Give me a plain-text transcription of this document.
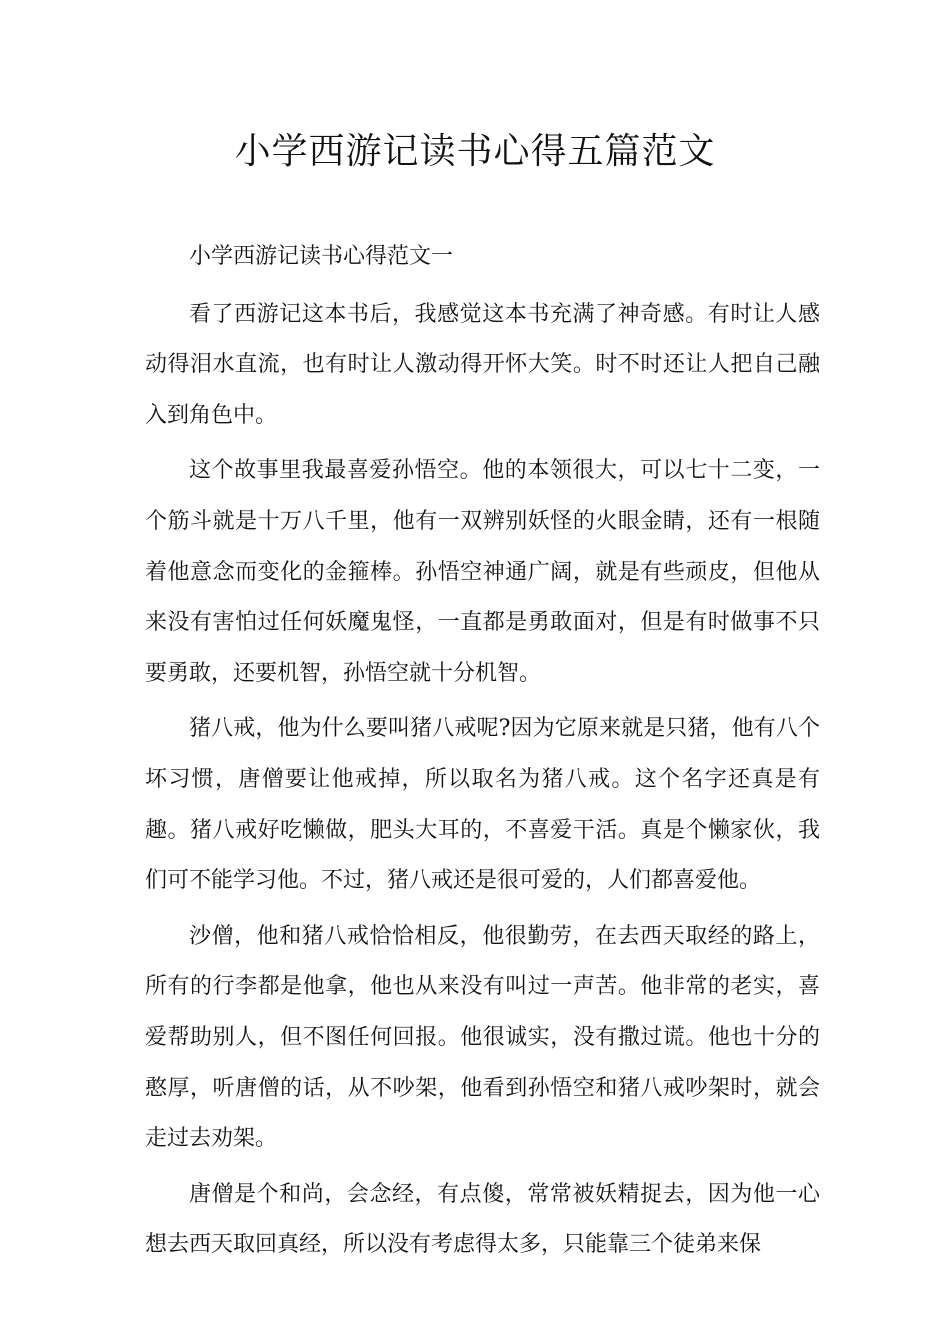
小学西游记读书心得五篇范文

小学西游记读书心得范文一

看了西游记这本书后，我感觉这本书充满了神奇感。有时让人感动得泪水直流，也有时让人激动得开怀大笑。时不时还让人把自己融入到角色中。

这个故事里我最喜爱孙悟空。他的本领很大，可以七十二变，一个筋斗就是十万八千里，他有一双辨别妖怪的火眼金睛，还有一根随着他意念而变化的金箍棒。孙悟空神通广阔，就是有些顽皮，但他从来没有害怕过任何妖魔鬼怪，一直都是勇敢面对，但是有时做事不只要勇敢，还要机智，孙悟空就十分机智。

猪八戒，他为什么要叫猪八戒呢?因为它原来就是只猪，他有八个坏习惯，唐僧要让他戒掉，所以取名为猪八戒。这个名字还真是有趣。猪八戒好吃懒做，肥头大耳的，不喜爱干活。真是个懒家伙，我们可不能学习他。不过，猪八戒还是很可爱的，人们都喜爱他。

沙僧，他和猪八戒恰恰相反，他很勤劳，在去西天取经的路上，所有的行李都是他拿，他也从来没有叫过一声苦。他非常的老实，喜爱帮助别人，但不图任何回报。他很诚实，没有撒过谎。他也十分的憨厚，听唐僧的话，从不吵架，他看到孙悟空和猪八戒吵架时，就会走过去劝架。

唐僧是个和尚，会念经，有点傻，常常被妖精捉去，因为他一心想去西天取回真经，所以没有考虑得太多，只能靠三个徒弟来保
